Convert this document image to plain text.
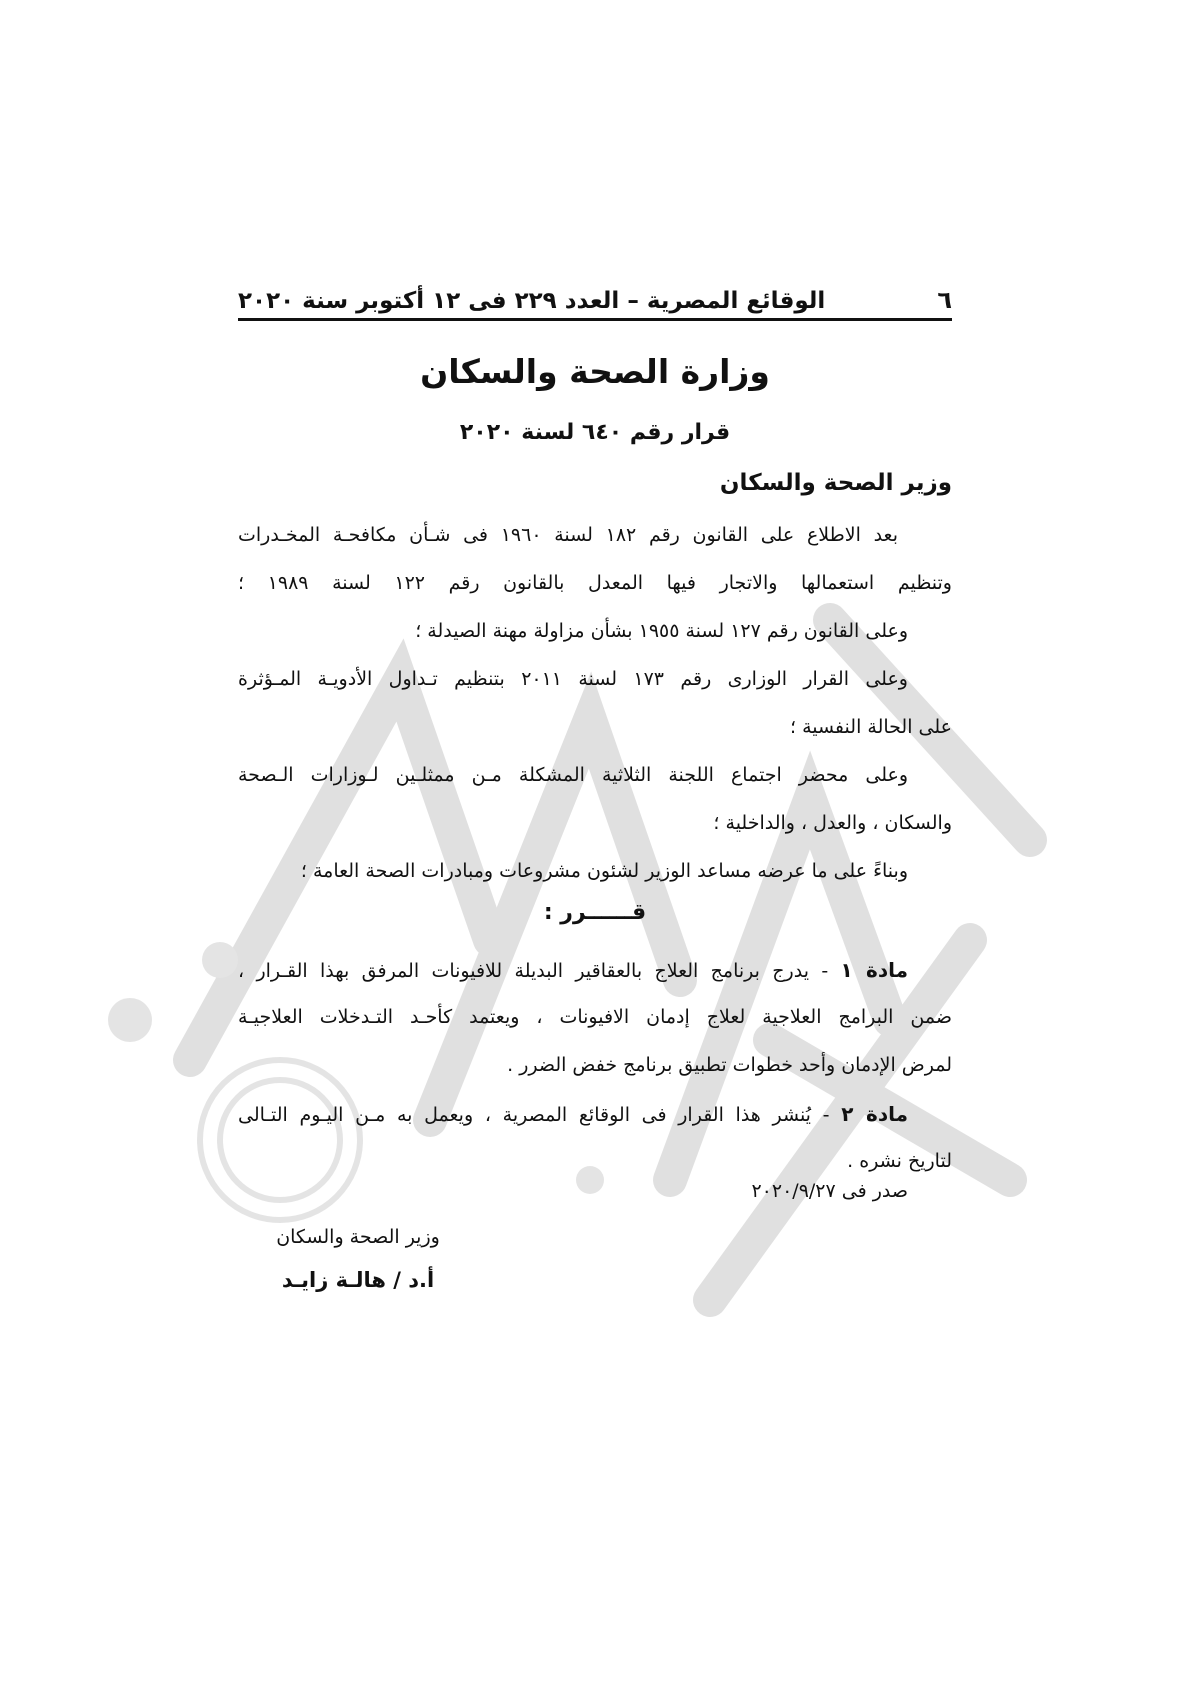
٦
الوقائع المصرية – العدد ٢٢٩ فى ١٢ أكتوبر سنة ٢٠٢٠
وزارة الصحة والسكان
قرار رقم ٦٤٠ لسنة ٢٠٢٠
وزير الصحة والسكان
بعد الاطلاع على القانون رقم ١٨٢ لسنة ١٩٦٠ فى شـأن مكافحـة المخـدرات
وتنظيم استعمالها والاتجار فيها المعدل بالقانون رقم ١٢٢ لسنة ١٩٨٩ ؛
وعلى القانون رقم ١٢٧ لسنة ١٩٥٥ بشأن مزاولة مهنة الصيدلة ؛
وعلى القرار الوزارى رقم ١٧٣ لسنة ٢٠١١ بتنظيم تـداول الأدويـة المـؤثرة
على الحالة النفسية ؛
وعلى محضر اجتماع اللجنة الثلاثية المشكلة مـن ممثلـين لـوزارات الـصحة
والسكان ، والعدل ، والداخلية ؛
وبناءً على ما عرضه مساعد الوزير لشئون مشروعات ومبادرات الصحة العامة ؛
قــــــرر :
مادة ١ - يدرج برنامج العلاج بالعقاقير البديلة للافيونات المرفق بهذا القـرار ،
ضمن البرامج العلاجية لعلاج إدمان الافيونات ، ويعتمد كأحـد التـدخلات العلاجيـة
لمرض الإدمان وأحد خطوات تطبيق برنامج خفض الضرر .
مادة ٢ - يُنشر هذا القرار فى الوقائع المصرية ، ويعمل به مـن اليـوم التـالى
لتاريخ نشره .
صدر فى ٢٠٢٠/٩/٢٧
وزير الصحة والسكان
أ.د / هالـة زايـد
